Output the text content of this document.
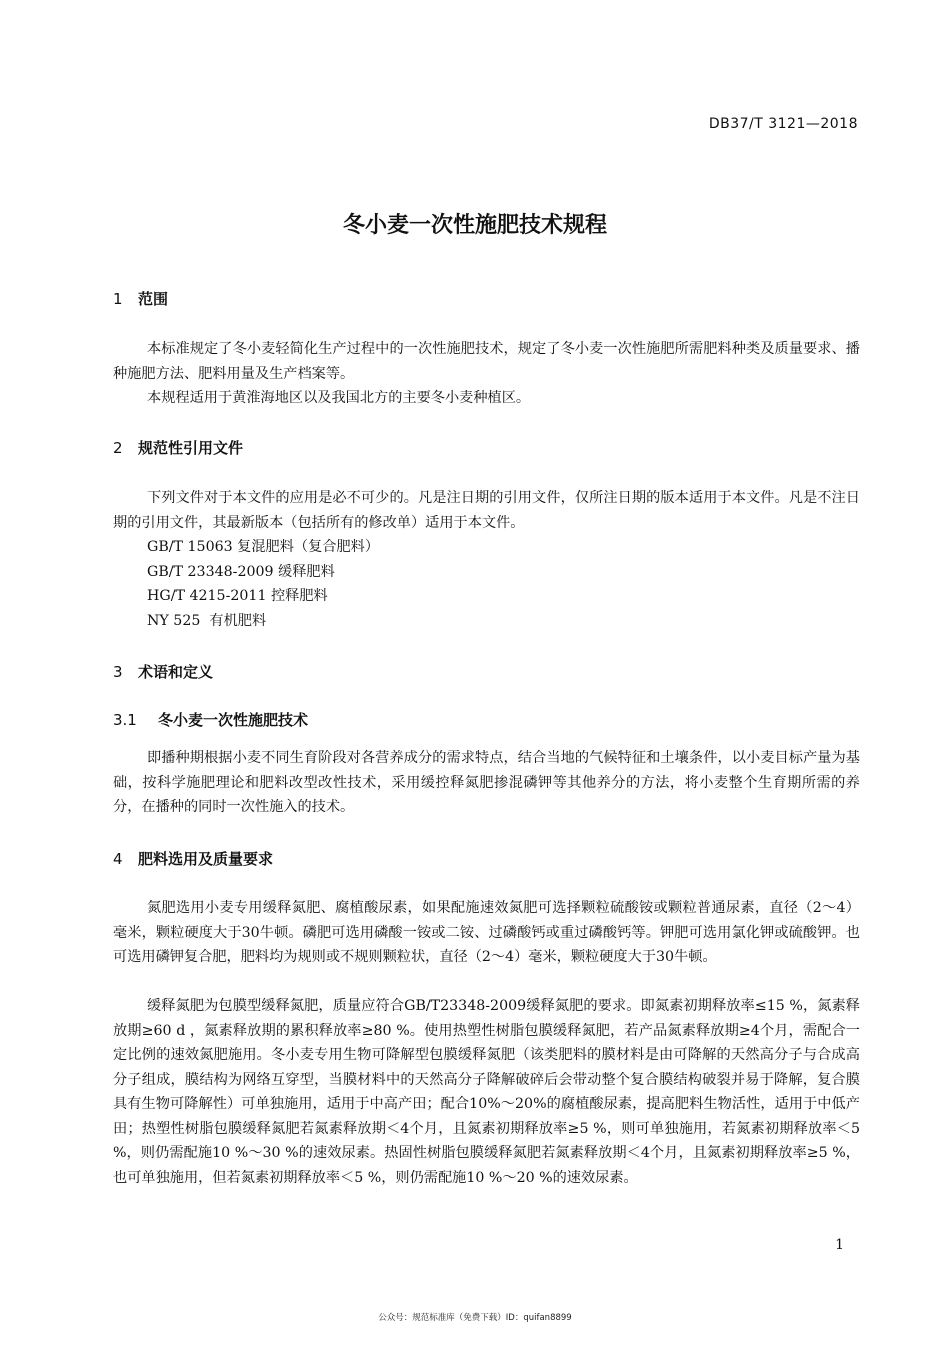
DB37/T 3121—2018
冬小麦一次性施肥技术规程
1 范围

本标准规定了冬小麦轻简化生产过程中的一次性施肥技术，规定了冬小麦一次性施肥所需肥料种类及质量要求、播种施肥方法、肥料用量及生产档案等。

本规程适用于黄淮海地区以及我国北方的主要冬小麦种植区。

2 规范性引用文件

下列文件对于本文件的应用是必不可少的。凡是注日期的引用文件，仅所注日期的版本适用于本文件。凡是不注日期的引用文件，其最新版本（包括所有的修改单）适用于本文件。

GB/T 15063 复混肥料（复合肥料）
GB/T 23348-2009 缓释肥料
HG/T 4215-2011 控释肥料
NY 525  有机肥料
3 术语和定义
3.1 冬小麦一次性施肥技术

即播种期根据小麦不同生育阶段对各营养成分的需求特点，结合当地的气候特征和土壤条件，以小麦目标产量为基础，按科学施肥理论和肥料改型改性技术，采用缓控释氮肥掺混磷钾等其他养分的方法，将小麦整个生育期所需的养分，在播种的同时一次性施入的技术。

4 肥料选用及质量要求

氮肥选用小麦专用缓释氮肥、腐植酸尿素，如果配施速效氮肥可选择颗粒硫酸铵或颗粒普通尿素，直径（2～4）毫米，颗粒硬度大于30牛顿。磷肥可选用磷酸一铵或二铵、过磷酸钙或重过磷酸钙等。钾肥可选用氯化钾或硫酸钾。也可选用磷钾复合肥，肥料均为规则或不规则颗粒状，直径（2～4）毫米，颗粒硬度大于30牛顿。

缓释氮肥为包膜型缓释氮肥，质量应符合GB/T23348-2009缓释氮肥的要求。即氮素初期释放率≤15 %，氮素释放期≥60 d ，氮素释放期的累积释放率≥80 %。使用热塑性树脂包膜缓释氮肥，若产品氮素释放期≥4个月，需配合一定比例的速效氮肥施用。冬小麦专用生物可降解型包膜缓释氮肥（该类肥料的膜材料是由可降解的天然高分子与合成高分子组成，膜结构为网络互穿型，当膜材料中的天然高分子降解破碎后会带动整个复合膜结构破裂并易于降解，复合膜具有生物可降解性）可单独施用，适用于中高产田；配合10%～20%的腐植酸尿素，提高肥料生物活性，适用于中低产田；热塑性树脂包膜缓释氮肥若氮素释放期＜4个月，且氮素初期释放率≥5 %，则可单独施用，若氮素初期释放率＜5 %，则仍需配施10 %～30 %的速效尿素。热固性树脂包膜缓释氮肥若氮素释放期＜4个月，且氮素初期释放率≥5 %，也可单独施用，但若氮素初期释放率＜5 %，则仍需配施10 %～20 %的速效尿素。

1
公众号：规范标准库（免费下载）ID：quifan8899
